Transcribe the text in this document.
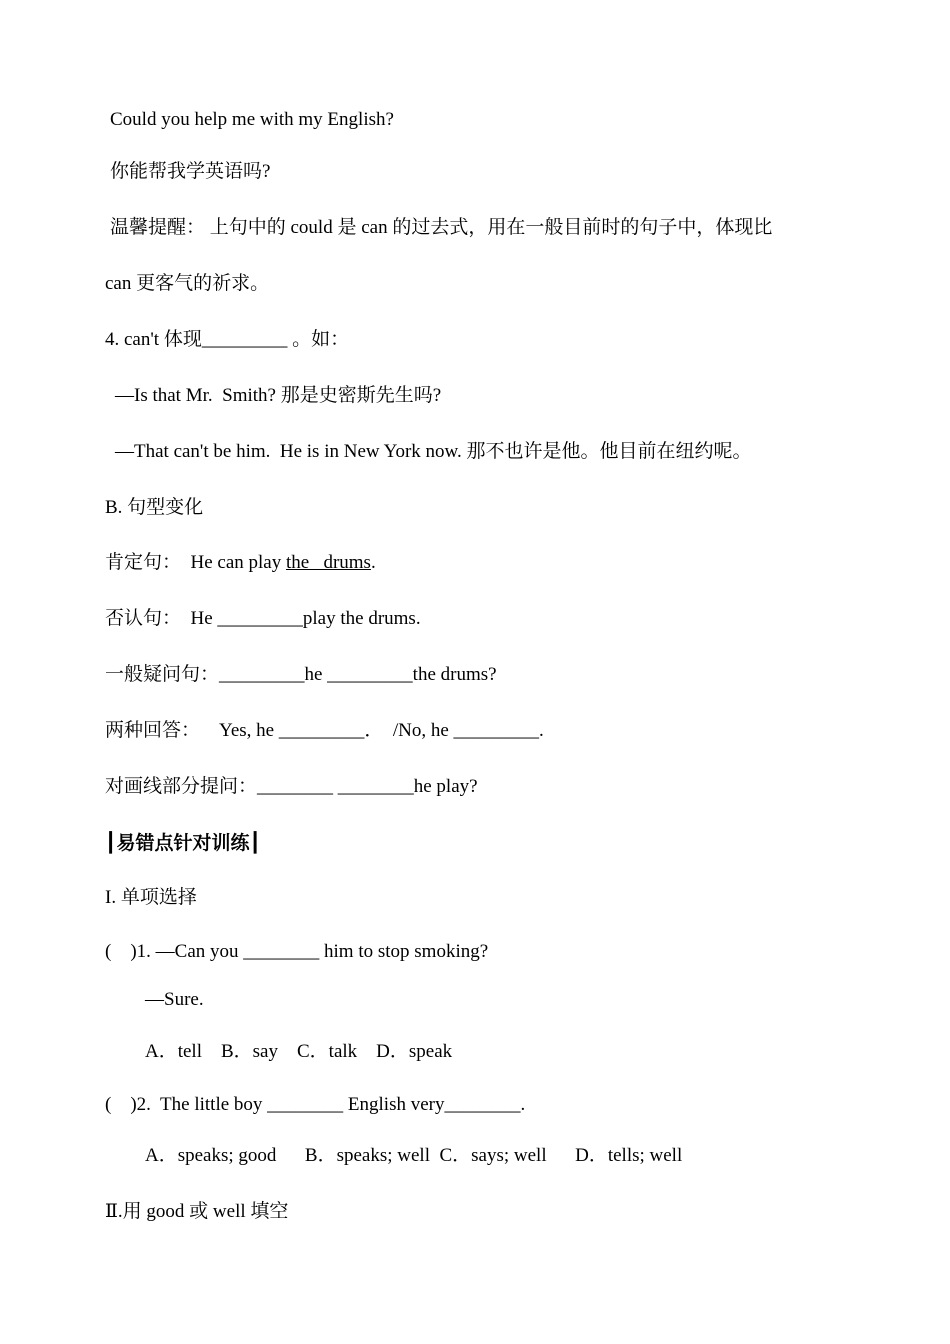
Could you help me with my English?
你能帮我学英语吗?
温馨提醒： 上句中的 could 是 can 的过去式，用在一般目前时的句子中，体现比
can 更客气的祈求。
4. can't 体现_________ 。如：
—Is that Mr.  Smith? 那是史密斯先生吗?
—That can't be him.  He is in New York now. 那不也许是他。他目前在纽约呢。
B. 句型变化
肯定句：  He can play the   drums.
否认句：  He _________play the drums.
一般疑问句：_________he _________the drums?
两种回答：    Yes, he _________．  /No, he _________.
对画线部分提问：________ ________he play?
┃易错点针对训练┃
I. 单项选择
(    )1. —Can you ________ him to stop smoking?
—Sure.
A．tell    B．say    C．talk    D．speak
(    )2.  The little boy ________ English very________.
A．speaks; good      B．speaks; well  C．says; well      D．tells; well
Ⅱ.用 good 或 well 填空
